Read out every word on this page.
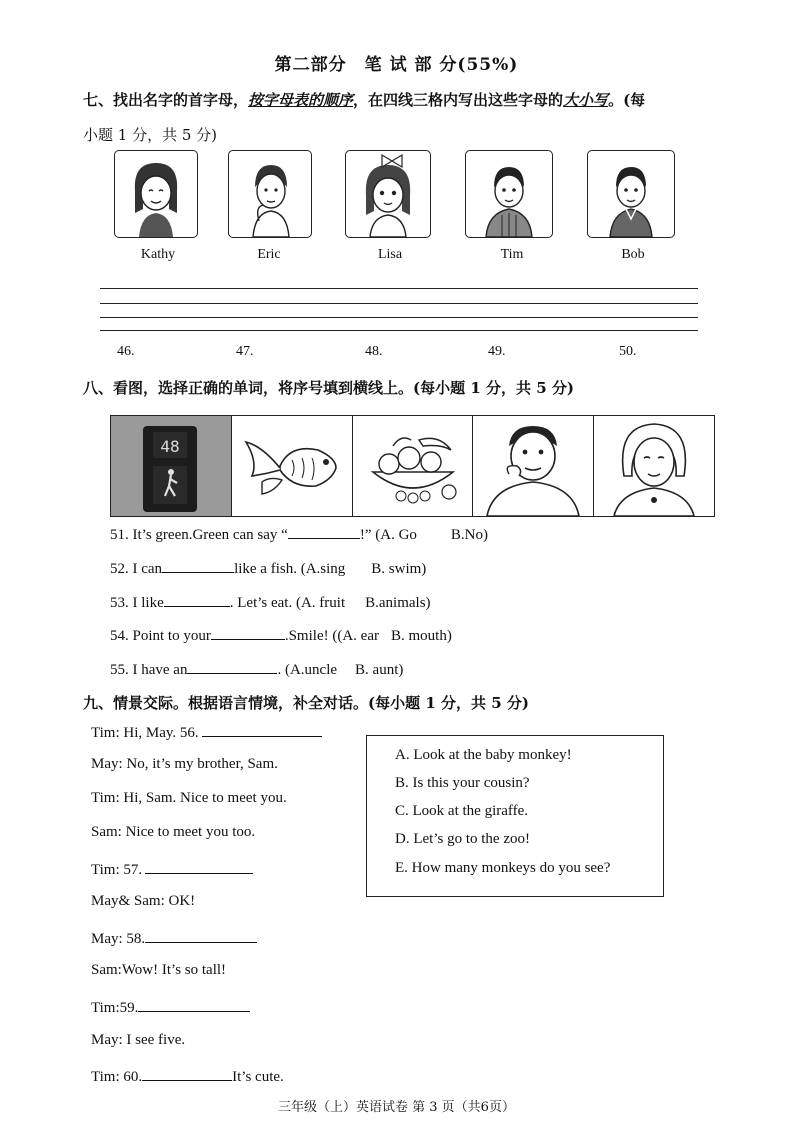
第二部分　笔 试 部 分(55%)
七、找出名字的首字母，按字母表的顺序，在四线三格内写出这些字母的大小写。(每
小题 1 分，共 5 分)
Kathy	Eric	Lisa	Tim	Bob
46.	47.	48.	49.	50.
八、看图，选择正确的单词，将序号填到横线上。(每小题 1 分，共 5 分)
48
51. It’s green.Green can say “	!” (A. Go B.No)
52. I can	like a fish. (A.sing B. swim)
53. I like	. Let’s eat. (A. fruit B.animals)
54. Point to your	.Smile! ((A. ear B. mouth)
55. I have an	. (A.uncle B. aunt)
九、情景交际。根据语言情境，补全对话。(每小题 1 分，共 5 分)
Tim: Hi, May. 56.
May: No, it’s my brother, Sam.
Tim: Hi, Sam. Nice to meet you.
Sam: Nice to meet you too.
Tim: 57.
May& Sam: OK!
May: 58.
Sam:Wow! It’s so tall!
Tim:59.
May: I see five.
Tim: 60.	It’s cute.
A. Look at the baby monkey!
B. Is this your cousin?
C. Look at the giraffe.
D. Let’s go to the zoo!
E. How many monkeys do you see?
三年级（上）英语试卷 第 3 页（共6页）
